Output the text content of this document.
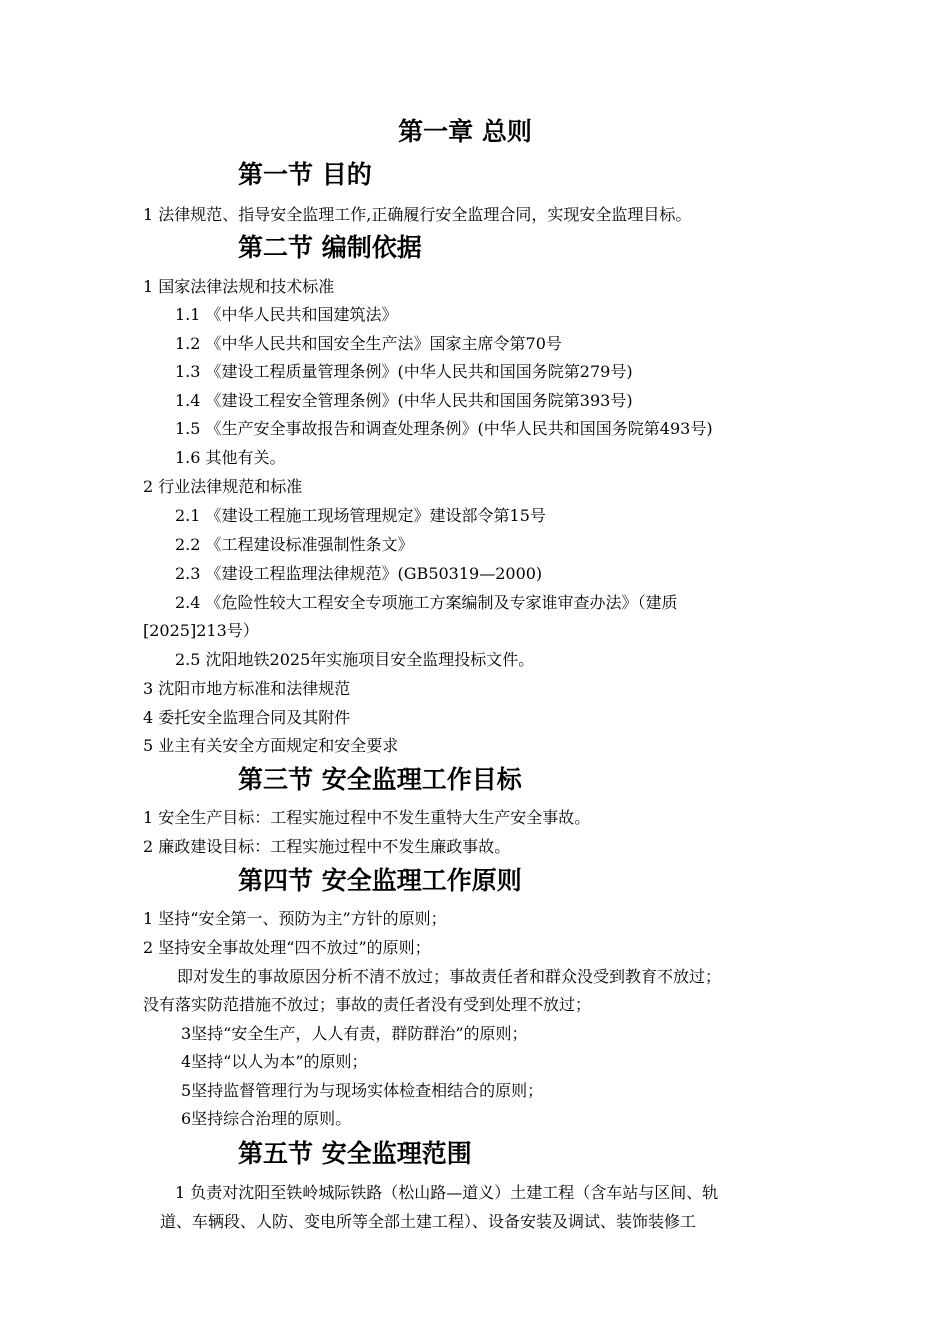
第一章 总则
第一节 目的
1 法律规范、指导安全监理工作,正确履行安全监理合同，实现安全监理目标。
第二节 编制依据
1 国家法律法规和技术标准
1.1 《中华人民共和国建筑法》
1.2 《中华人民共和国安全生产法》国家主席令第70号
1.3 《建设工程质量管理条例》(中华人民共和国国务院第279号)
1.4 《建设工程安全管理条例》(中华人民共和国国务院第393号)
1.5 《生产安全事故报告和调查处理条例》(中华人民共和国国务院第493号)
1.6 其他有关。
2 行业法律规范和标准
2.1 《建设工程施工现场管理规定》建设部令第15号
2.2 《工程建设标准强制性条文》
2.3 《建设工程监理法律规范》(GB50319—2000)
2.4 《危险性较大工程安全专项施工方案编制及专家谁审查办法》（建质
[2025]213号）
2.5 沈阳地铁2025年实施项目安全监理投标文件。
3 沈阳市地方标准和法律规范
4 委托安全监理合同及其附件
5 业主有关安全方面规定和安全要求
第三节 安全监理工作目标
1 安全生产目标：工程实施过程中不发生重特大生产安全事故。
2 廉政建设目标：工程实施过程中不发生廉政事故。
第四节 安全监理工作原则
1 坚持“安全第一、预防为主”方针的原则；
2 坚持安全事故处理“四不放过”的原则；
即对发生的事故原因分析不清不放过；事故责任者和群众没受到教育不放过；
没有落实防范措施不放过；事故的责任者没有受到处理不放过；
3坚持“安全生产，人人有责，群防群治”的原则；
4坚持“以人为本”的原则；
5坚持监督管理行为与现场实体检查相结合的原则；
6坚持综合治理的原则。
第五节 安全监理范围
1 负责对沈阳至铁岭城际铁路（松山路—道义）土建工程（含车站与区间、轨
道、车辆段、人防、变电所等全部土建工程）、设备安装及调试、装饰装修工
